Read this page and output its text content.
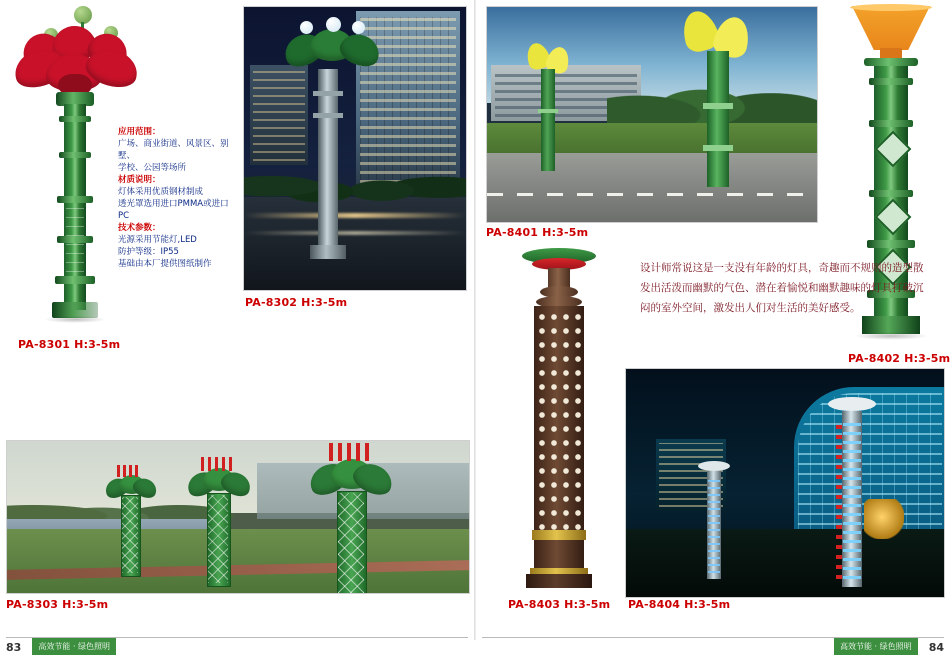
PA-8301 H:3-5m
应用范围：
广场、商业街道、风景区、别墅、
学校、公园等场所
材质说明：
灯体采用优质钢材制成
透光罩选用进口PMMA或进口PC
技术参数：
光源采用节能灯,LED
防护等级：IP55
基础由本厂提供图纸制作
PA-8302 H:3-5m
PA-8303 H:3-5m
PA-8401 H:3-5m
PA-8402 H:3-5m
设计师常说这是一支没有年龄的灯具，奇趣而不规则的造型散发出活泼而幽默的气色、潜在着愉悦和幽默趣味的灯具打破沉闷的室外空间，激发出人们对生活的美好感受。
PA-8403 H:3-5m PA-8404 H:3-5m
83 高效节能 · 绿色照明	高效节能 · 绿色照明 84
